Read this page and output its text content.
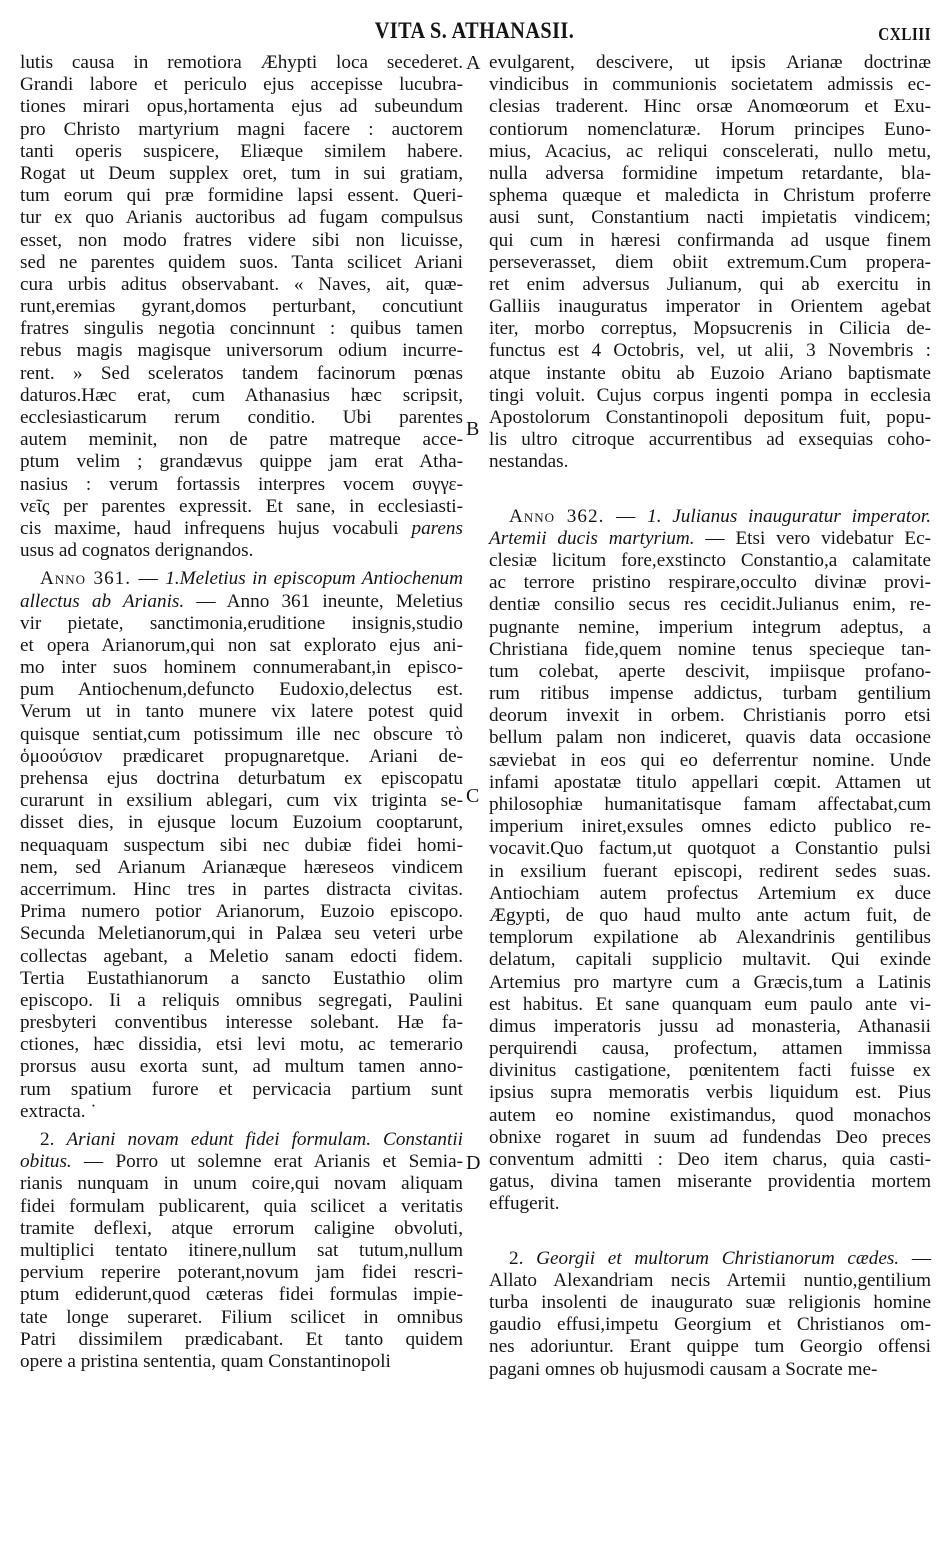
VITA S. ATHANASII.	CXLIII
A
B
C
D
lutis causa in remotiora Æhypti loca secederet.
Grandi labore et periculo ejus accepisse lucubra-
tiones mirari opus,hortamenta ejus ad subeundum
pro Christo martyrium magni facere : auctorem
tanti operis suspicere, Eliæque similem habere.
Rogat ut Deum supplex oret, tum in sui gratiam,
tum eorum qui præ formidine lapsi essent. Queri-
tur ex quo Arianis auctoribus ad fugam compulsus
esset, non modo fratres videre sibi non licuisse,
sed ne parentes quidem suos. Tanta scilicet Ariani
cura urbis aditus observabant. « Naves, ait, quæ-
runt,eremias gyrant,domos perturbant, concutiunt
fratres singulis negotia concinnunt : quibus tamen
rebus magis magisque universorum odium incurre-
rent. » Sed sceleratos tandem facinorum pœnas
daturos.Hæc erat, cum Athanasius hæc scripsit,
ecclesiasticarum rerum conditio. Ubi parentes
autem meminit, non de patre matreque acce-
ptum velim ; grandævus quippe jam erat Atha-
nasius : verum fortassis interpres vocem συγγε-
νεῖς per parentes expressit. Et sane, in ecclesiasti-
cis maxime, haud infrequens hujus vocabuli parens
usus ad cognatos derignandos.
Anno 361. — 1.Meletius in episcopum Antiochenum
allectus ab Arianis. — Anno 361 ineunte, Meletius
vir pietate, sanctimonia,eruditione insignis,studio
et opera Arianorum,qui non sat explorato ejus ani-
mo inter suos hominem connumerabant,in episco-
pum Antiochenum,defuncto Eudoxio,delectus est.
Verum ut in tanto munere vix latere potest quid
quisque sentiat,cum potissimum ille nec obscure τὸ
ὁμοούσιον prædicaret propugnaretque. Ariani de-
prehensa ejus doctrina deturbatum ex episcopatu
curarunt in exsilium ablegari, cum vix triginta se-
disset dies, in ejusque locum Euzoium cooptarunt,
nequaquam suspectum sibi nec dubiæ fidei homi-
nem, sed Arianum Arianæque hæreseos vindicem
accerrimum. Hinc tres in partes distracta civitas.
Prima numero potior Arianorum, Euzoio episcopo.
Secunda Meletianorum,qui in Palæa seu veteri urbe
collectas agebant, a Meletio sanam edocti fidem.
Tertia Eustathianorum a sancto Eustathio olim
episcopo. Ii a reliquis omnibus segregati, Paulini
presbyteri conventibus interesse solebant. Hæ fa-
ctiones, hæc dissidia, etsi levi motu, ac temerario
prorsus ausu exorta sunt, ad multum tamen anno-
rum spatium furore et pervicacia partium sunt
extracta. ˙
2. Ariani novam edunt fidei formulam. Constantii
obitus. — Porro ut solemne erat Arianis et Semia-
rianis nunquam in unum coire,qui novam aliquam
fidei formulam publicarent, quia scilicet a veritatis
tramite deflexi, atque errorum caligine obvoluti,
multiplici tentato itinere,nullum sat tutum,nullum
pervium reperire poterant,novum jam fidei rescri-
ptum ediderunt,quod cæteras fidei formulas impie-
tate longe superaret. Filium scilicet in omnibus
Patri dissimilem prædicabant. Et tanto quidem
opere a pristina sententia, quam Constantinopoli
evulgarent, descivere, ut ipsis Arianæ doctrinæ
vindicibus in communionis societatem admissis ec-
clesias traderent. Hinc orsæ Anomœorum et Exu-
contiorum nomenclaturæ. Horum principes Euno-
mius, Acacius, ac reliqui conscelerati, nullo metu,
nulla adversa formidine impetum retardante, bla-
sphema quæque et maledicta in Christum proferre
ausi sunt, Constantium nacti impietatis vindicem;
qui cum in hæresi confirmanda ad usque finem
perseverasset, diem obiit extremum.Cum propera-
ret enim adversus Julianum, qui ab exercitu in
Galliis inauguratus imperator in Orientem agebat
iter, morbo correptus, Mopsucrenis in Cilicia de-
functus est 4 Octobris, vel, ut alii, 3 Novembris :
atque instante obitu ab Euzoio Ariano baptismate
tingi voluit. Cujus corpus ingenti pompa in ecclesia
Apostolorum Constantinopoli depositum fuit, popu-
lis ultro citroque accurrentibus ad exsequias coho-
nestandas.
Anno 362. — 1. Julianus inauguratur imperator.
Artemii ducis martyrium. — Etsi vero videbatur Ec-
clesiæ licitum fore,exstincto Constantio,a calamitate
ac terrore pristino respirare,occulto divinæ provi-
dentiæ consilio secus res cecidit.Julianus enim, re-
pugnante nemine, imperium integrum adeptus, a
Christiana fide,quem nomine tenus specieque tan-
tum colebat, aperte descivit, impiisque profano-
rum ritibus impense addictus, turbam gentilium
deorum invexit in orbem. Christianis porro etsi
bellum palam non indiceret, quavis data occasione
sæviebat in eos qui eo deferrentur nomine. Unde
infami apostatæ titulo appellari cœpit. Attamen ut
philosophiæ humanitatisque famam affectabat,cum
imperium iniret,exsules omnes edicto publico re-
vocavit.Quo factum,ut quotquot a Constantio pulsi
in exsilium fuerant episcopi, redirent sedes suas.
Antiochiam autem profectus Artemium ex duce
Ægypti, de quo haud multo ante actum fuit, de
templorum expilatione ab Alexandrinis gentilibus
delatum, capitali supplicio multavit. Qui exinde
Artemius pro martyre cum a Græcis,tum a Latinis
est habitus. Et sane quanquam eum paulo ante vi-
dimus imperatoris jussu ad monasteria, Athanasii
perquirendi causa, profectum, attamen immissa
divinitus castigatione, pœnitentem facti fuisse ex
ipsius supra memoratis verbis liquidum est. Pius
autem eo nomine existimandus, quod monachos
obnixe rogaret in suum ad fundendas Deo preces
conventum admitti : Deo item charus, quia casti-
gatus, divina tamen miserante providentia mortem
effugerit.
2. Georgii et multorum Christianorum cædes. —
Allato Alexandriam necis Artemii nuntio,gentilium
turba insolenti de inaugurato suæ religionis homine
gaudio effusi,impetu Georgium et Christianos om-
nes adoriuntur. Erant quippe tum Georgio offensi
pagani omnes ob hujusmodi causam a Socrate me-
